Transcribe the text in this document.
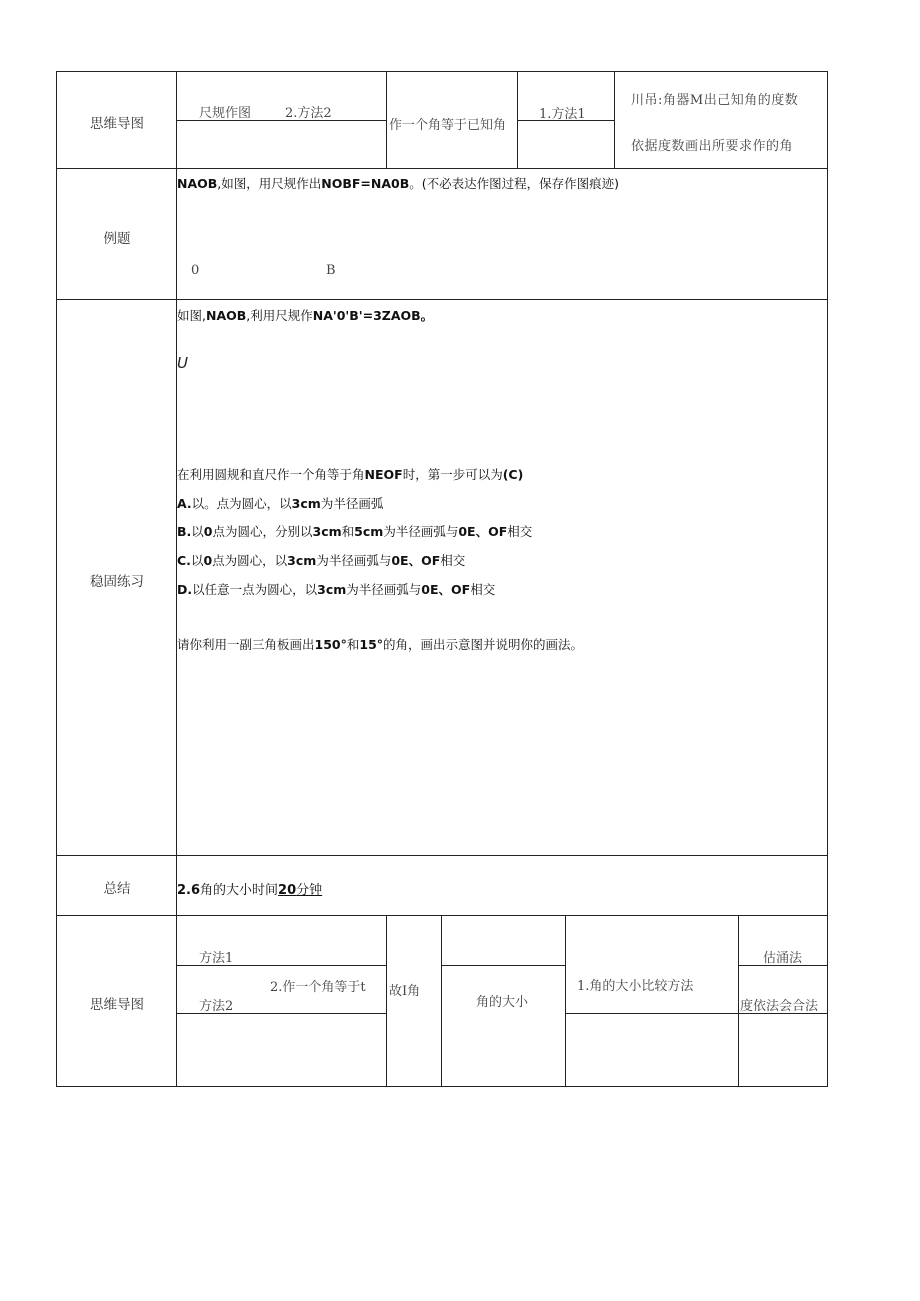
思维导图
例题
稳固练习
总结
思维导图
尺规作图	2.方法2
作一个角等于已知角
1.方法1
川吊:角器M出己知角的度数
依据度数画出所要求作的角
NAOB,如图，用尺规作出NOBF=NA0B。(不必表达作图过程，保存作图痕迹)
0	B
如图,NAOB,利用尺规作NA'0'B'=3ZAOB。
U
在利用圆规和直尺作一个角等于角NEOF时，第一步可以为(C)
A.以。点为圆心，以3cm为半径画弧
B.以0点为圆心，分别以3cm和5cm为半径画弧与0E、OF相交
C.以0点为圆心，以3cm为半径画弧与0E、OF相交
D.以任意一点为圆心，以3cm为半径画弧与0E、OF相交
请你利用一副三角板画出150°和15°的角，画出示意图并说明你的画法。
2.6角的大小时间20分钟
方法1
2.作一个角等于t
方法2
故I角
角的大小
1.角的大小比较方法
估涌法
度依法会合法
